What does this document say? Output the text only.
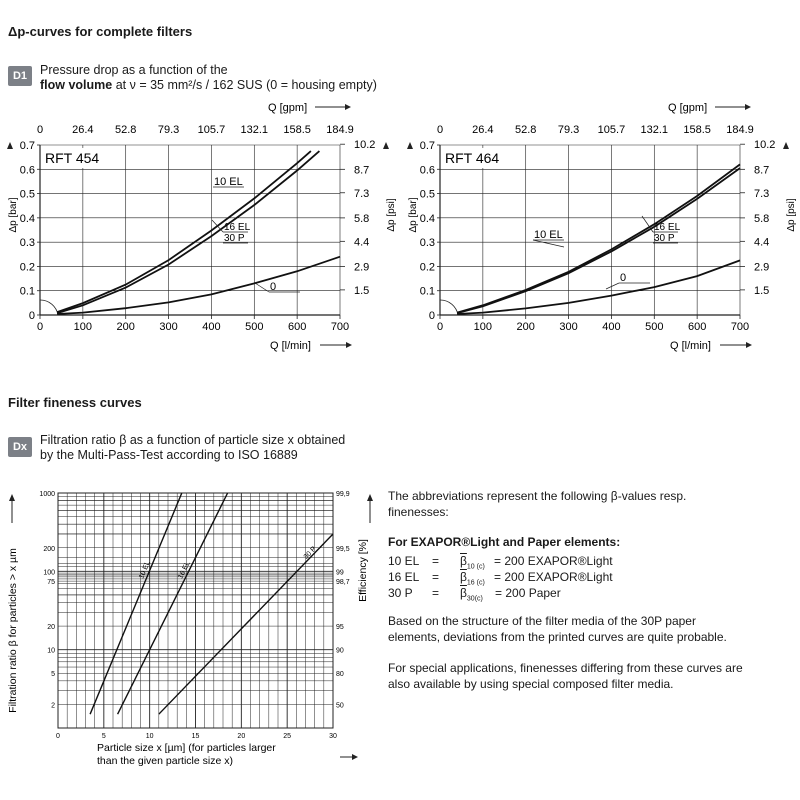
Δp-curves for complete filters
D1	Pressure drop as a function of the
flow volume at ν = 35 mm²/s / 162 SUS (0 = housing empty)
Q [gpm]
0	26.4 52.8 79.3 105.7 132.1 158.5 184.9
0	100 200 300 400 500 600 700
0
0.1
0.2
0.3
0.4
0.5
0.6
0.7
1.5
2.9
4.4
5.8
7.3
8.7
10.2
Δp [bar]	Δp [psi]
Q [l/min]
RFT 454
10 EL
16 EL
30 P
0
Q [gpm]
0	26.4 52.8 79.3 105.7 132.1 158.5 184.9
0	100 200 300 400 500 600 700
0
0.1
0.2
0.3
0.4
0.5
0.6
0.7
1.5
2.9
4.4
5.8
7.3
8.7
10.2
Δp [bar]	Δp [psi]
Q [l/min]
RFT 464
10 EL
16 EL
30 P
0
Filter fineness curves
Dx	Filtration ratio β as a function of particle size x obtained
by the Multi-Pass-Test according to ISO 16889
0	5	10	15	20	25	30
1000
200
100
75
20
10
5
2
99,9
99,5
99
98,7
95
90
80
50
Filtration ratio β for particles > x µm	Efficiency [%]
Particle size x [µm] (for particles larger
than the given particle size x)
10 EL	16 EL
30 P
The abbreviations represent the following β-values resp.
finenesses:
For EXAPOR®Light and Paper elements:
10 EL = $\overline{\beta}_{10 (c)} = 200$ EXAPOR®Light
16 EL = $\overline{\beta}_{16 (c)} = 200$ EXAPOR®Light
30 $P = \overline{\beta}_{30(c)} = 200$ Paper
Based on the structure of the filter media of the 30P paper
elements, deviations from the printed curves are quite probable.
For special applications, finenesses differing from these curves are
also available by using special composed filter media.
